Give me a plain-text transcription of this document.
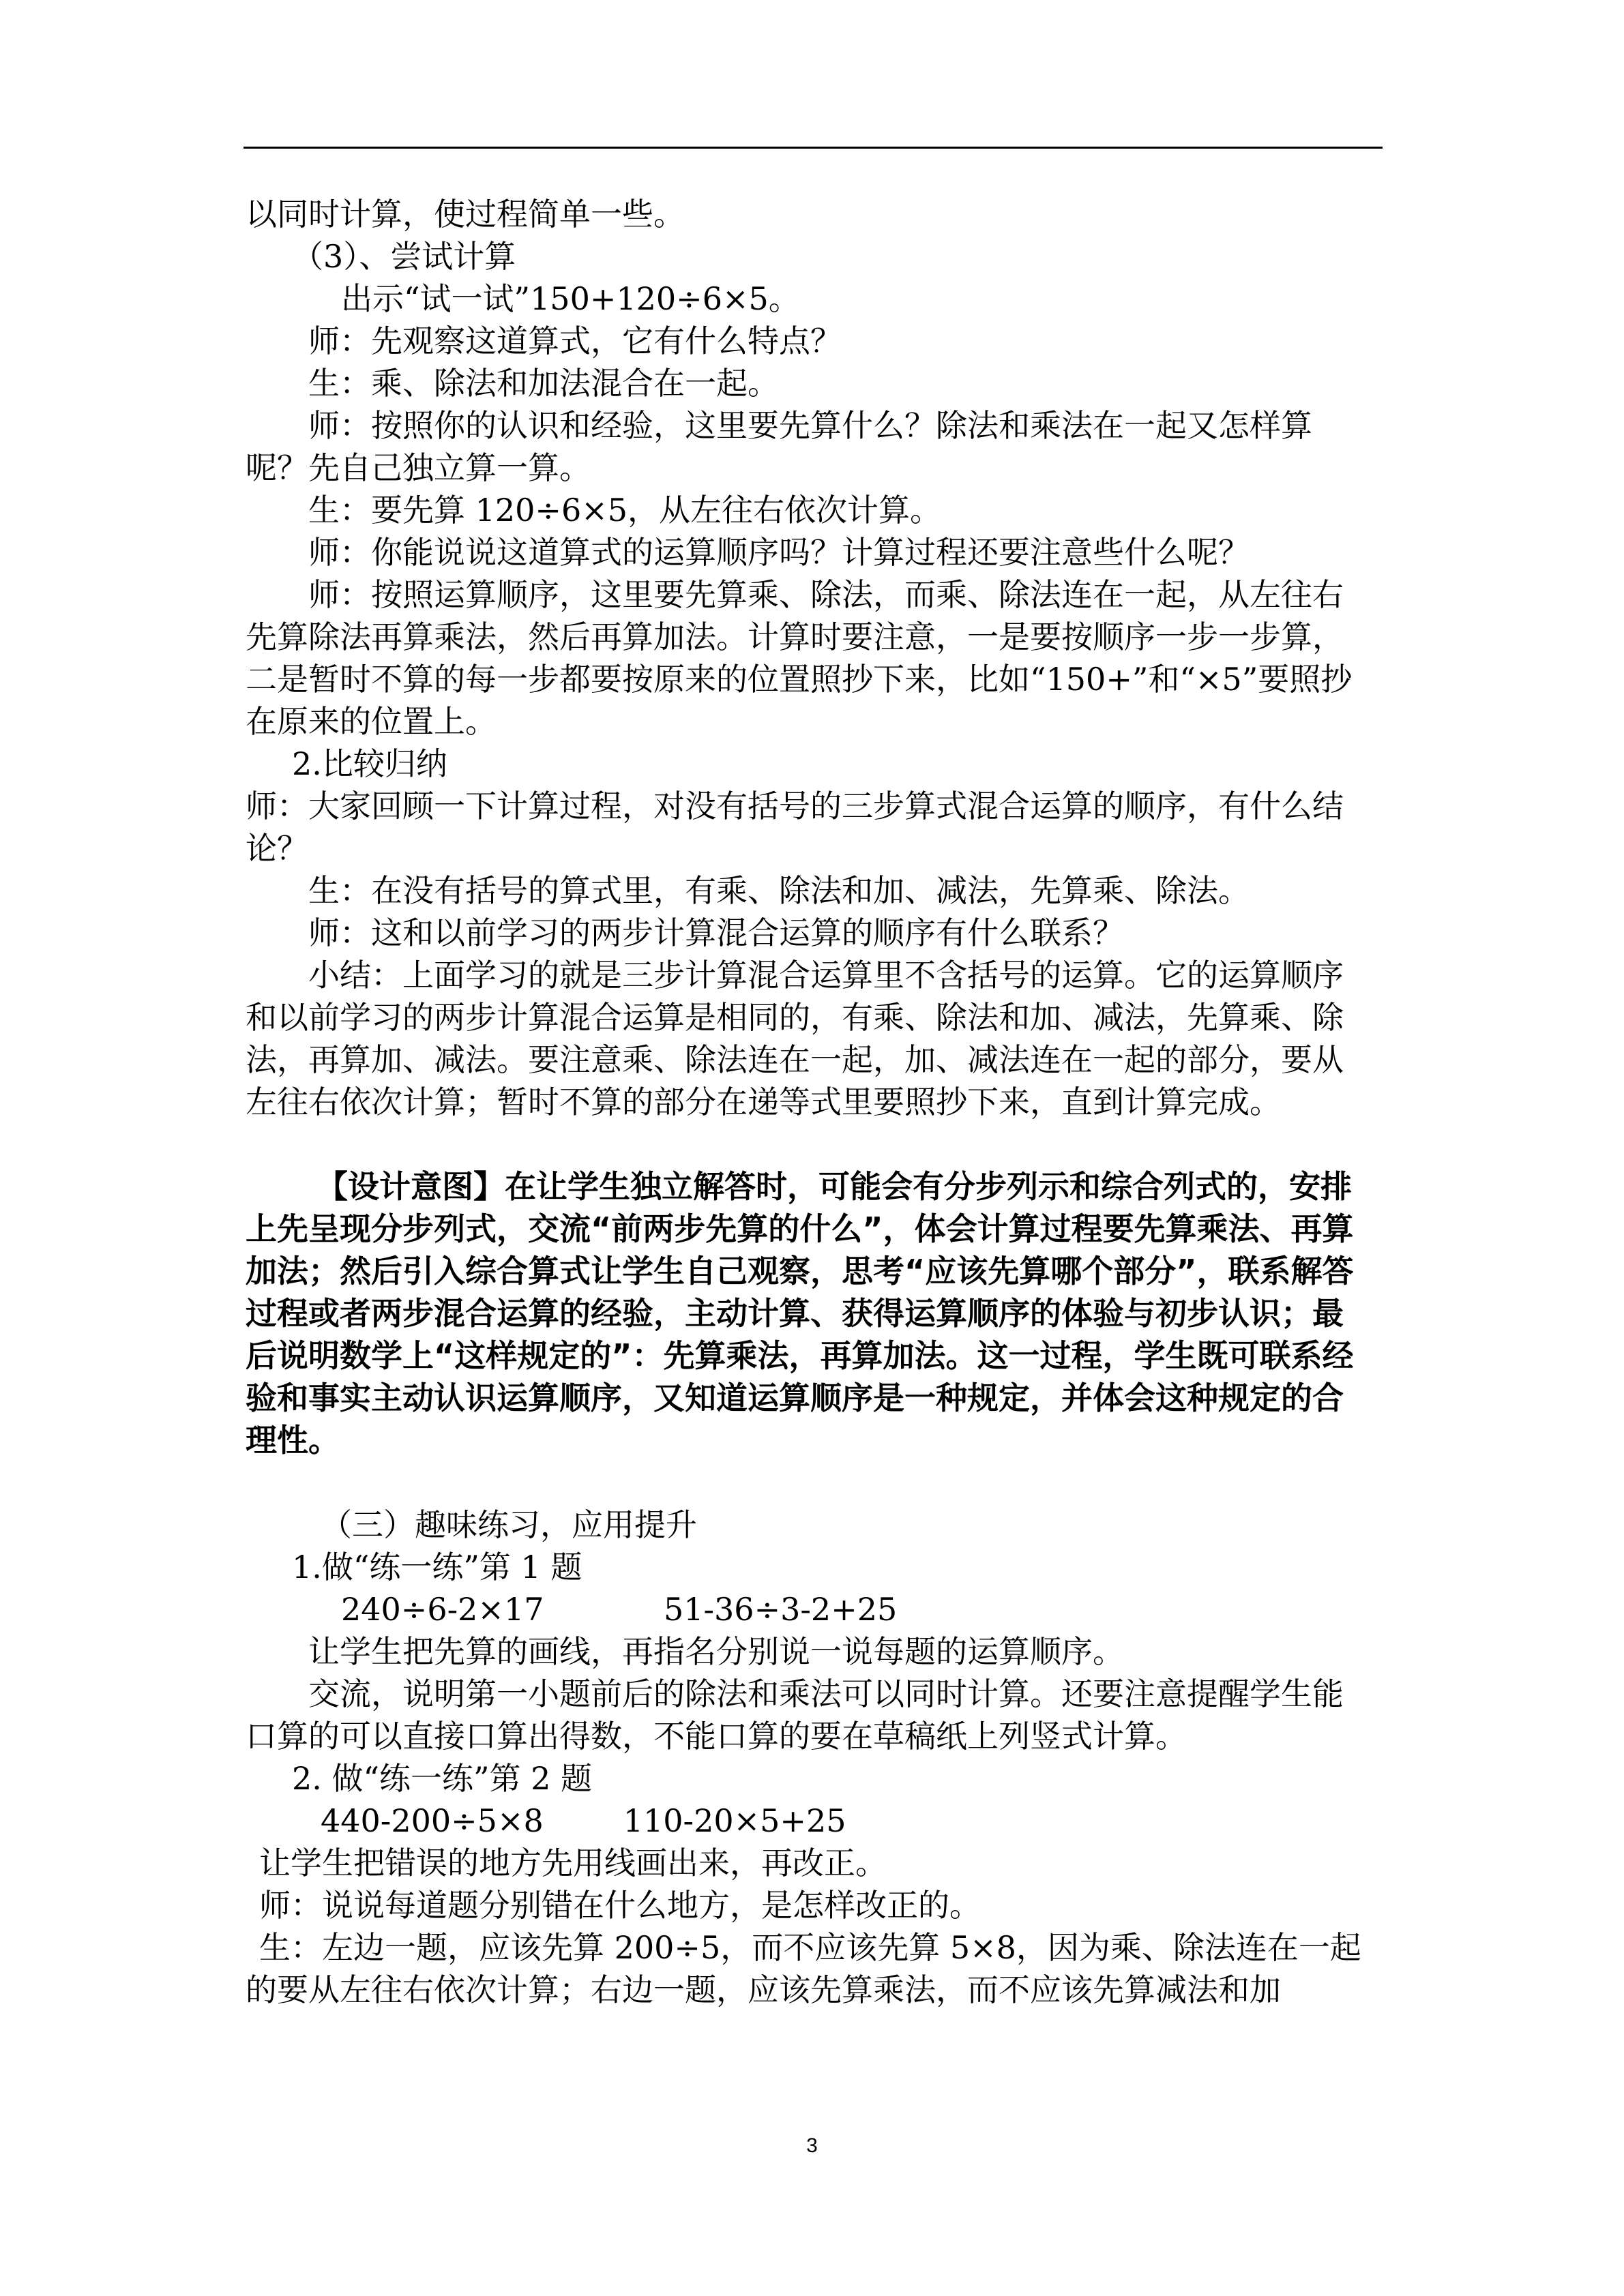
以同时计算，使过程简单一些。

（3）、尝试计算

出示“试一试”150+120÷6×5。

师：先观察这道算式，它有什么特点？

生：乘、除法和加法混合在一起。

师：按照你的认识和经验，这里要先算什么？除法和乘法在一起又怎样算呢？先自己独立算一算。

生：要先算 120÷6×5，从左往右依次计算。

师：你能说说这道算式的运算顺序吗？计算过程还要注意些什么呢？

师：按照运算顺序，这里要先算乘、除法，而乘、除法连在一起，从左往右先算除法再算乘法，然后再算加法。计算时要注意，一是要按顺序一步一步算，二是暂时不算的每一步都要按原来的位置照抄下来，比如“150+”和“×5”要照抄在原来的位置上。

2.比较归纳

师：大家回顾一下计算过程，对没有括号的三步算式混合运算的顺序，有什么结论？

生：在没有括号的算式里，有乘、除法和加、减法，先算乘、除法。

师：这和以前学习的两步计算混合运算的顺序有什么联系？

小结：上面学习的就是三步计算混合运算里不含括号的运算。它的运算顺序和以前学习的两步计算混合运算是相同的，有乘、除法和加、减法，先算乘、除法，再算加、减法。要注意乘、除法连在一起，加、减法连在一起的部分，要从左往右依次计算；暂时不算的部分在递等式里要照抄下来，直到计算完成。

【设计意图】在让学生独立解答时，可能会有分步列示和综合列式的，安排上先呈现分步列式，交流“前两步先算的什么”，体会计算过程要先算乘法、再算加法；然后引入综合算式让学生自己观察，思考“应该先算哪个部分”，联系解答过程或者两步混合运算的经验，主动计算、获得运算顺序的体验与初步认识；最后说明数学上“这样规定的”：先算乘法，再算加法。这一过程，学生既可联系经验和事实主动认识运算顺序，又知道运算顺序是一种规定，并体会这种规定的合理性。

（三）趣味练习，应用提升

1.做“练一练”第 1 题

240÷6-2×17            51-36÷3-2+25

让学生把先算的画线，再指名分别说一说每题的运算顺序。

交流，说明第一小题前后的除法和乘法可以同时计算。还要注意提醒学生能口算的可以直接口算出得数，不能口算的要在草稿纸上列竖式计算。

2. 做“练一练”第 2 题

440-200÷5×8        110-20×5+25

让学生把错误的地方先用线画出来，再改正。

师：说说每道题分别错在什么地方，是怎样改正的。

生：左边一题，应该先算 200÷5，而不应该先算 5×8，因为乘、除法连在一起的要从左往右依次计算；右边一题，应该先算乘法，而不应该先算减法和加

3
